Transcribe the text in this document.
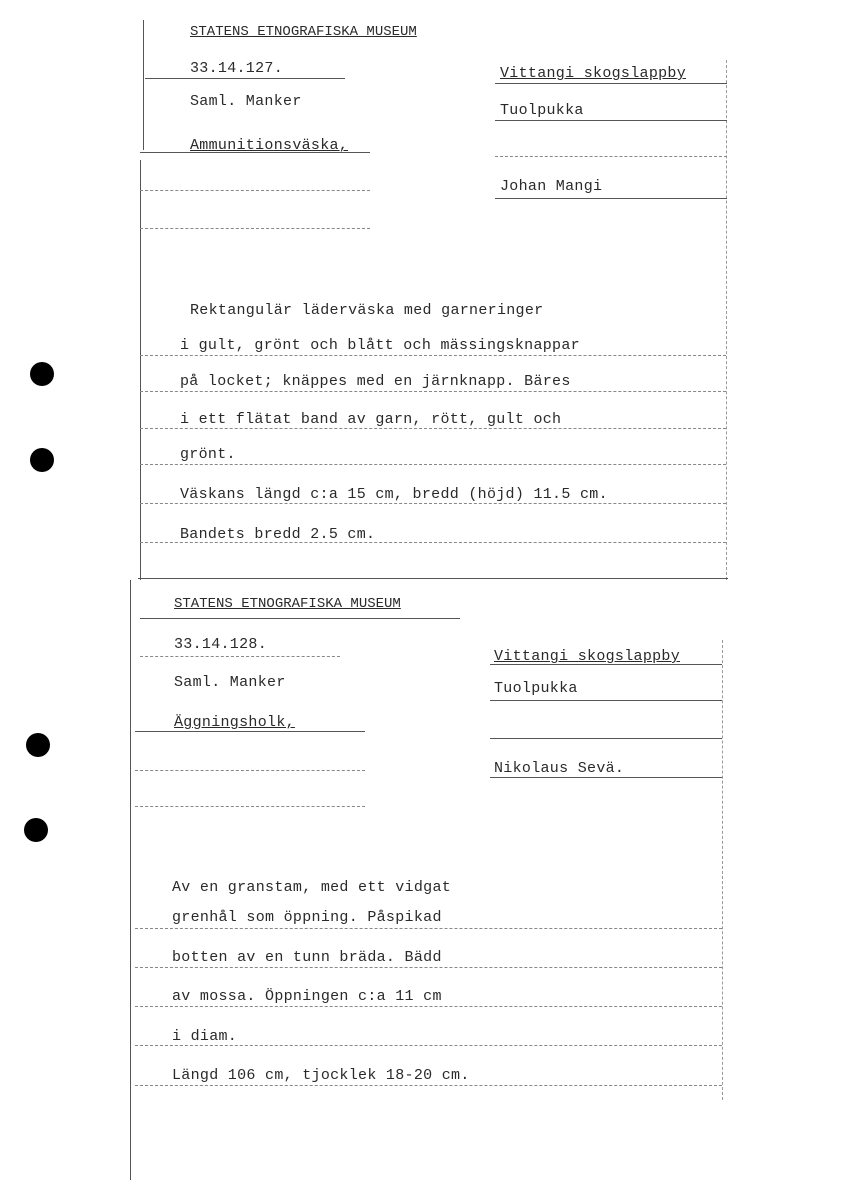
STATENS ETNOGRAFISKA MUSEUM
33.14.127.
Saml. Manker
Ammunitionsväska,
Vittangi skogslappby
Tuolpukka
Johan Mangi
Rektangulär läderväska med garneringer
i gult, grönt och blått och mässingsknappar
på locket; knäppes med en järnknapp. Bäres
i ett flätat band av garn, rött, gult och
grönt.
Väskans längd c:a 15 cm, bredd (höjd) 11.5 cm.
Bandets bredd 2.5 cm.
STATENS ETNOGRAFISKA MUSEUM
33.14.128.
Saml. Manker
Äggningsholk,
Vittangi skogslappby
Tuolpukka
Nikolaus Sevä.
Av en granstam, med ett vidgat
grenhål som öppning. Påspikad
botten av en tunn bräda. Bädd
av mossa. Öppningen c:a 11 cm
i diam.
Längd 106 cm, tjocklek 18-20 cm.
